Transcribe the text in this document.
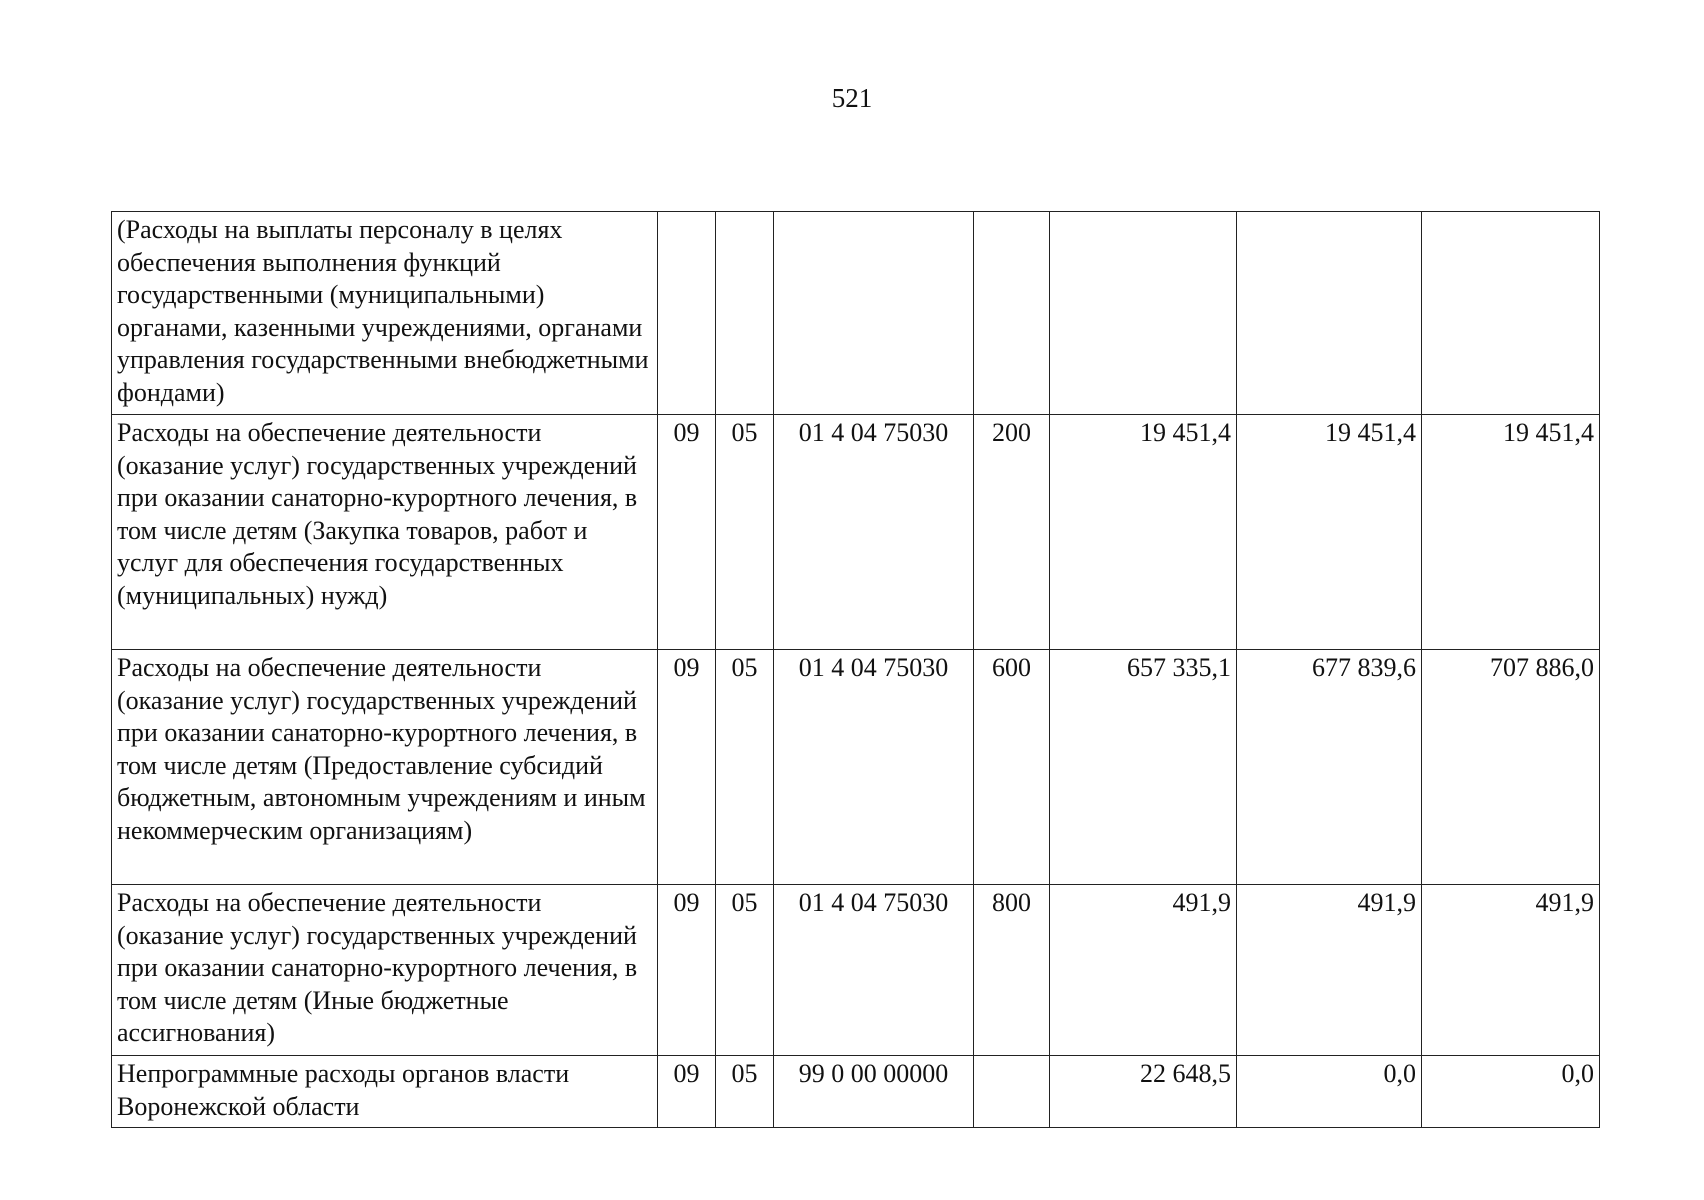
521
(Расходы на выплаты персоналу в целях обеспечения выполнения функций государственными (муниципальными) органами, казенными учреждениями, органами управления государственными внебюджетными фондами)							
Расходы на обеспечение деятельности (оказание услуг) государственных учреждений при оказании санаторно-курортного лечения, в том числе детям (Закупка товаров, работ и услуг для обеспечения государственных (муниципальных) нужд)	09	05	01 4 04 75030	200	19 451,4	19 451,4	19 451,4
Расходы на обеспечение деятельности (оказание услуг) государственных учреждений при оказании санаторно-курортного лечения, в том числе детям (Предоставление субсидий бюджетным, автономным учреждениям и иным некоммерческим организациям)	09	05	01 4 04 75030	600	657 335,1	677 839,6	707 886,0
Расходы на обеспечение деятельности (оказание услуг) государственных учреждений при оказании санаторно-курортного лечения, в том числе детям (Иные бюджетные ассигнования)	09	05	01 4 04 75030	800	491,9	491,9	491,9
Непрограммные расходы органов власти Воронежской области	09	05	99 0 00 00000		22 648,5	0,0	0,0
